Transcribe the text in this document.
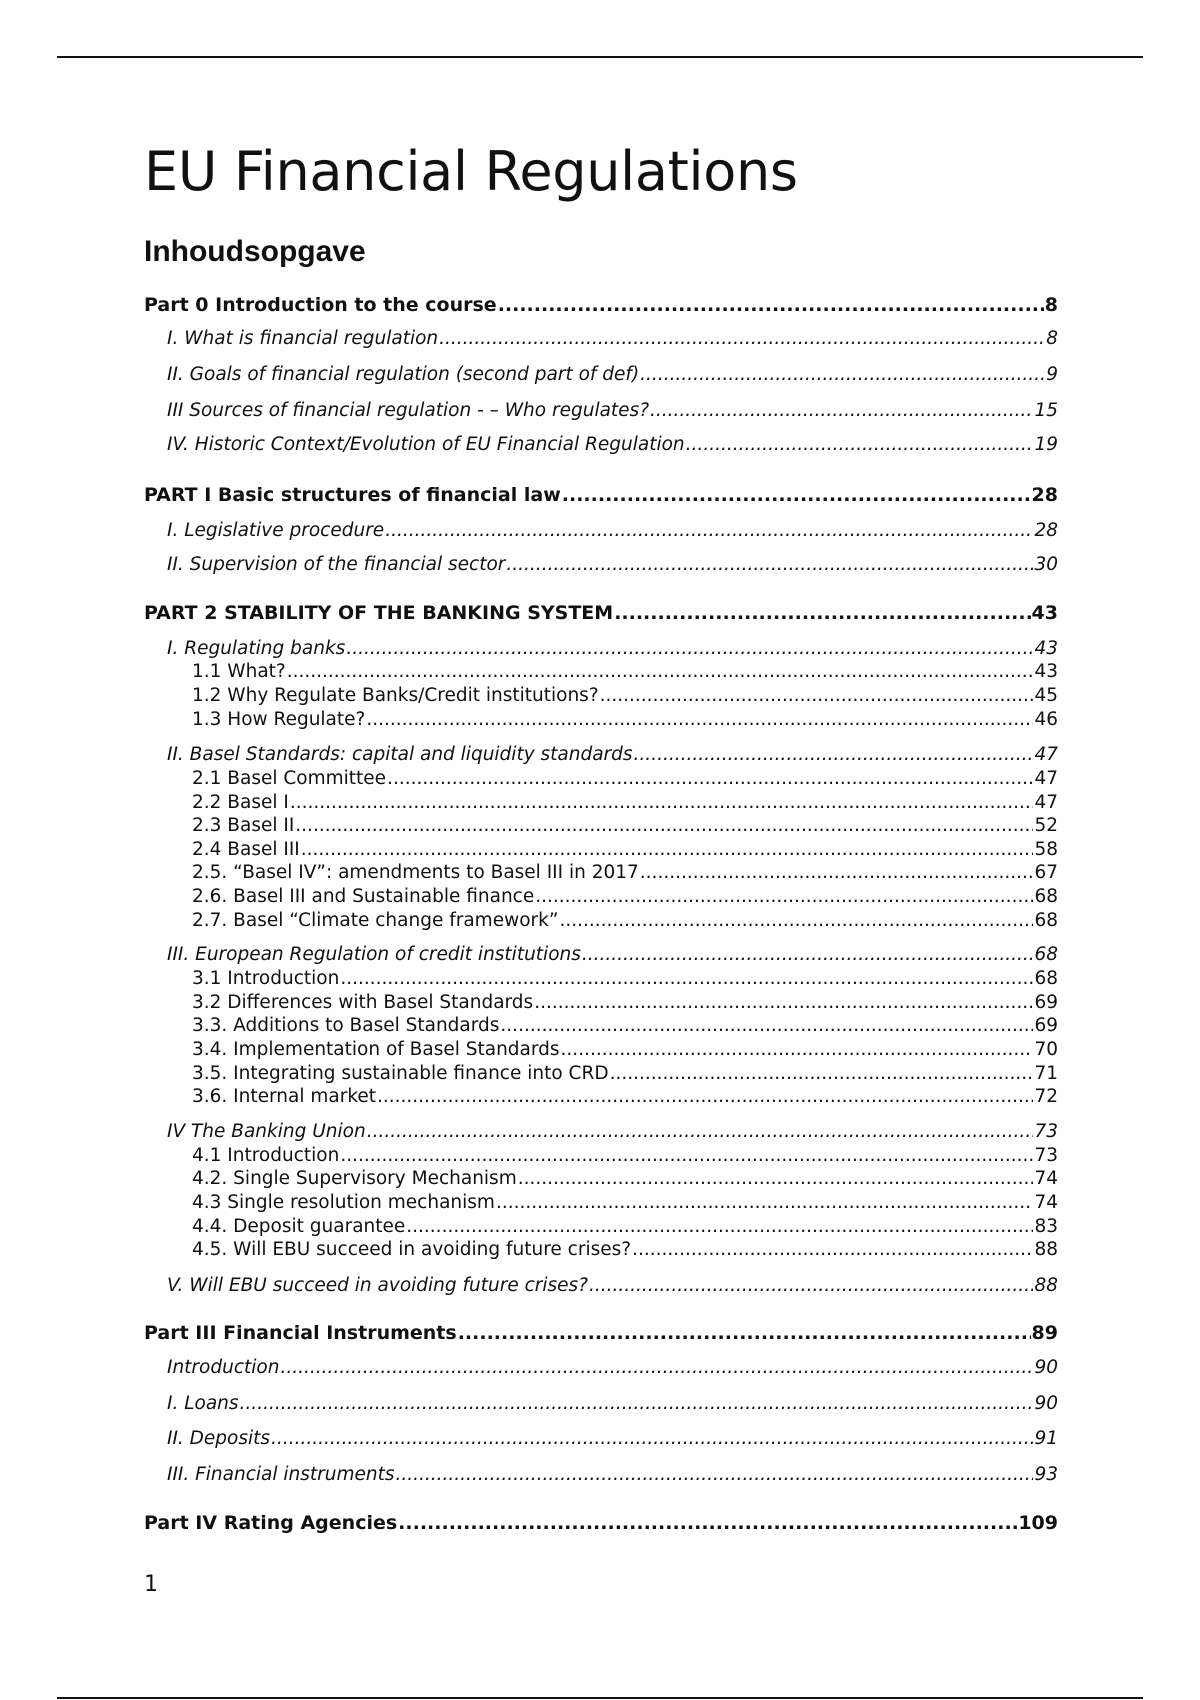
EU Financial Regulations
Inhoudsopgave
Part 0 Introduction to the course .....	8
I. What is financial regulation .....	8
II. Goals of financial regulation (second part of def) .....	9
III Sources of financial regulation - – Who regulates? .....	15
IV. Historic Context/Evolution of EU Financial Regulation .....	19
PART I Basic structures of financial law .....	28
I. Legislative procedure .....	28
II. Supervision of the financial sector .....	30
PART 2 STABILITY OF THE BANKING SYSTEM .....	43
I. Regulating banks .....	43
1.1 What? .....	43
1.2 Why Regulate Banks/Credit institutions? .....	45
1.3 How Regulate? .....	46
II. Basel Standards: capital and liquidity standards .....	47
2.1 Basel Committee .....	47
2.2 Basel I .....	47
2.3 Basel II .....	52
2.4 Basel III .....	58
2.5. “Basel IV”: amendments to Basel III in 2017 .....	67
2.6. Basel III and Sustainable finance .....	68
2.7. Basel “Climate change framework” .....	68
III. European Regulation of credit institutions .....	68
3.1 Introduction .....	68
3.2 Differences with Basel Standards .....	69
3.3. Additions to Basel Standards .....	69
3.4. Implementation of Basel Standards .....	70
3.5. Integrating sustainable finance into CRD .....	71
3.6. Internal market .....	72
IV The Banking Union .....	73
4.1 Introduction .....	73
4.2. Single Supervisory Mechanism .....	74
4.3 Single resolution mechanism .....	74
4.4. Deposit guarantee .....	83
4.5. Will EBU succeed in avoiding future crises? .....	88
V. Will EBU succeed in avoiding future crises? .....	88
Part III Financial Instruments .....	89
Introduction .....	90
I. Loans .....	90
II. Deposits .....	91
III. Financial instruments .....	93
Part IV Rating Agencies .....	109
1
